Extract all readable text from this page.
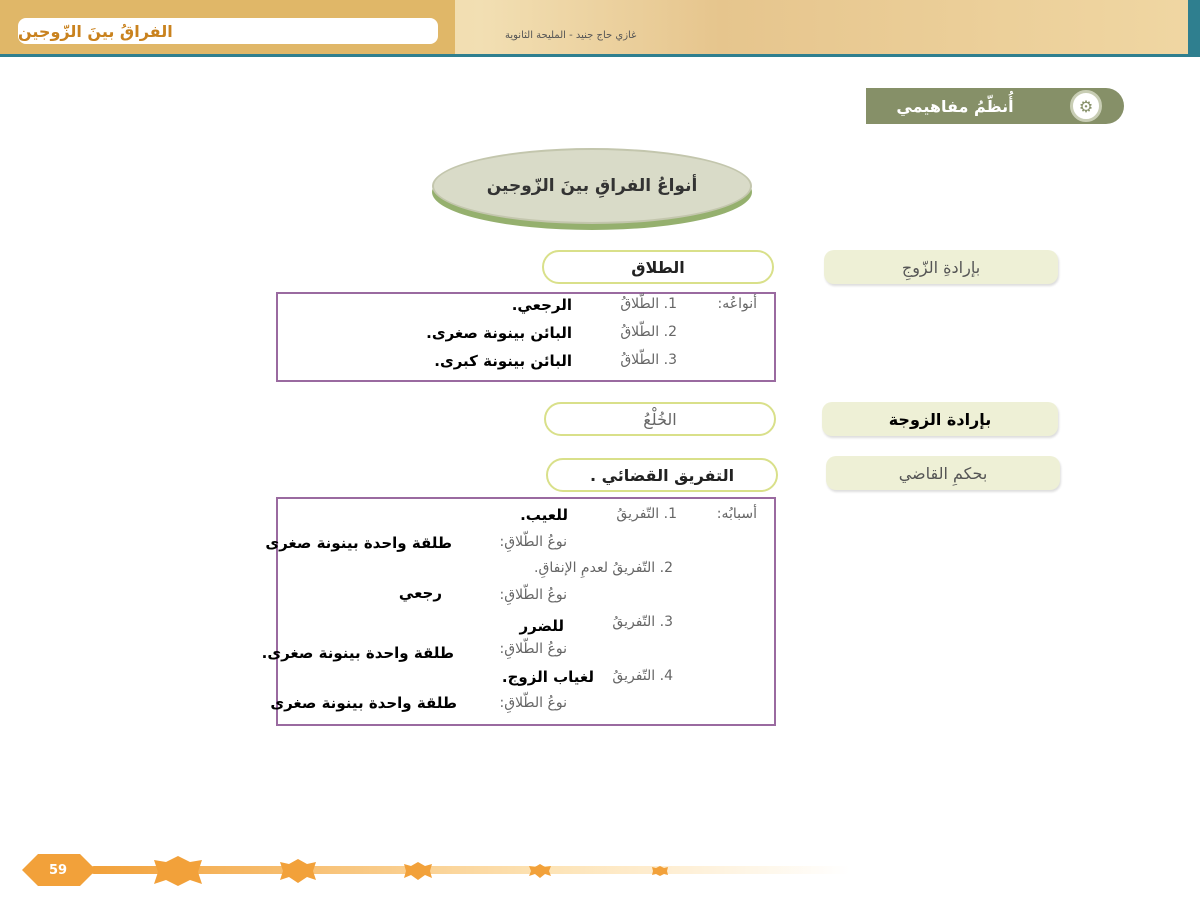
الفراقُ بينَ الزّوجين	غازي حاج جنيد - المليحة الثانوية
أُنظّمُ مفاهيمي	⚙
أنواعُ الفراقِ بينَ الزّوجين
بإرادةِ الزّوجِ
الطلاق
أنواعُه:
1. الطّلاقُ
الرجعي.
2. الطّلاقُ
البائن بينونة صغرى.
3. الطّلاقُ
البائن بينونة كبرى.
بإرادة الزوجة
الخُلْعُ
بحكمِ القاضي
التفريق القضائي .
أسبابُه:
1. التّفريقُ
للعيب.
نوعُ الطّلاقِ:
طلقة واحدة بينونة صغرى
2. التّفريقُ لعدمِ الإنفاقِ.
نوعُ الطّلاقِ:
رجعي
3. التّفريقُ
للضرر
نوعُ الطّلاقِ:
طلقة واحدة بينونة صغرى.
4. التّفريقُ
لغياب الزوج.
نوعُ الطّلاقِ:
طلقة واحدة بينونة صغرى
59
